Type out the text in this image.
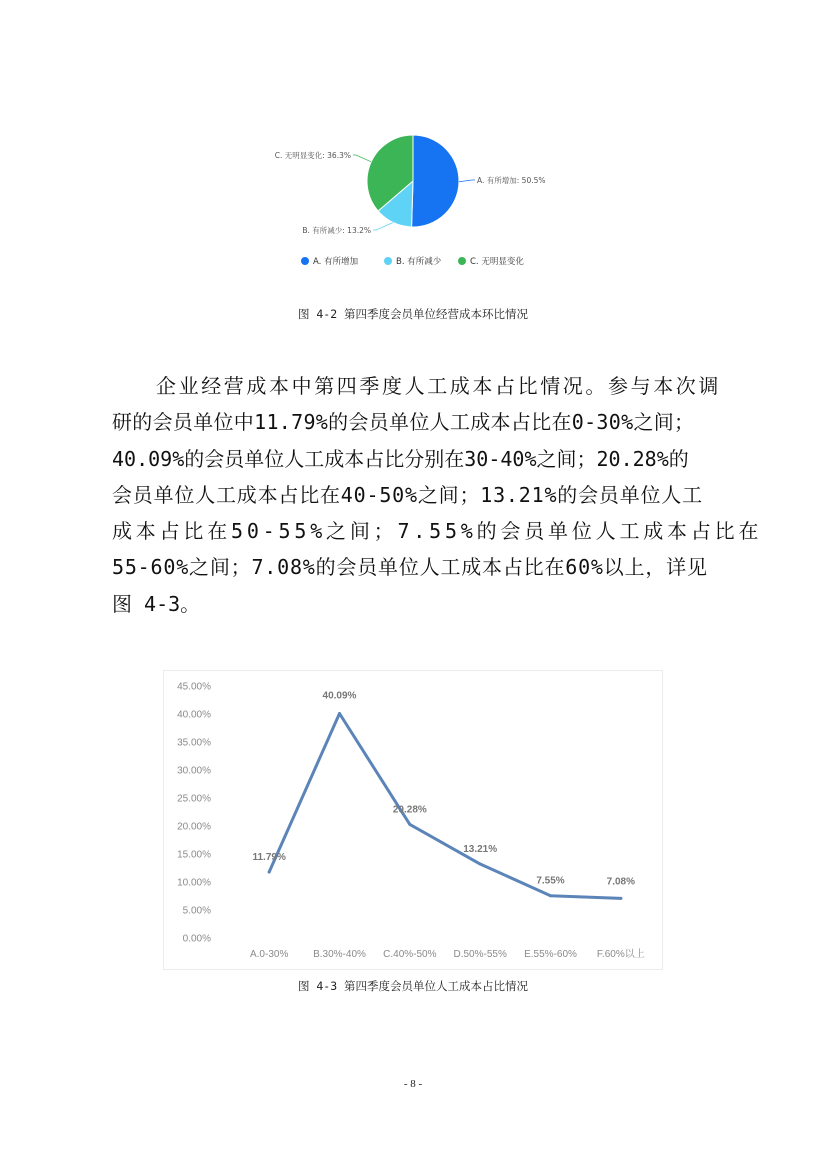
A. 有所增加: 50.5%
B. 有所减少: 13.2%
C. 无明显变化: 36.3%
A. 有所增加	B. 有所减少	C. 无明显变化
图 4-2 第四季度会员单位经营成本环比情况
企业经营成本中第四季度人工成本占比情况。参与本次调
研的会员单位中11.79%的会员单位人工成本占比在0-30%之间；
40.09%的会员单位人工成本占比分别在30-40%之间；20.28%的
会员单位人工成本占比在40-50%之间；13.21%的会员单位人工
成本占比在50-55%之间；7.55%的会员单位人工成本占比在
55-60%之间；7.08%的会员单位人工成本占比在60%以上，详见
图 4-3。
0.00%
5.00%
10.00%
15.00%
20.00%
25.00%
30.00%
35.00%
40.00%
45.00%
A.0-30% B.30%-40% C.40%-50% D.50%-55% E.55%-60% F.60%以上
11.79%
40.09%
20.28%
13.21%
7.55%	7.08%
图 4-3 第四季度会员单位人工成本占比情况
- 8 -
